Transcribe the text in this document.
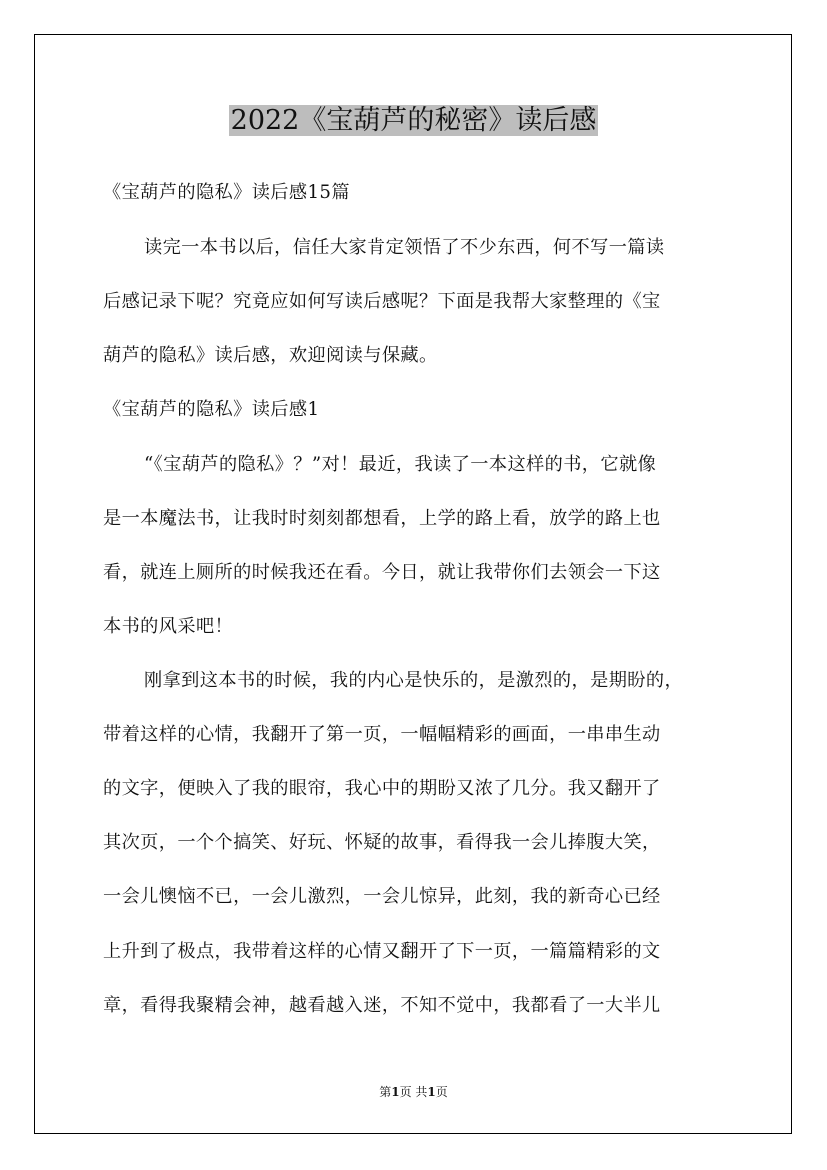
2022《宝葫芦的秘密》读后感
《宝葫芦的隐私》读后感15篇
读完一本书以后，信任大家肯定领悟了不少东西，何不写一篇读
后感记录下呢？究竟应如何写读后感呢？下面是我帮大家整理的《宝
葫芦的隐私》读后感，欢迎阅读与保藏。
《宝葫芦的隐私》读后感1
“《宝葫芦的隐私》？”对！最近，我读了一本这样的书，它就像
是一本魔法书，让我时时刻刻都想看，上学的路上看，放学的路上也
看，就连上厕所的时候我还在看。今日，就让我带你们去领会一下这
本书的风采吧！
刚拿到这本书的时候，我的内心是快乐的，是激烈的，是期盼的，
带着这样的心情，我翻开了第一页，一幅幅精彩的画面，一串串生动
的文字，便映入了我的眼帘，我心中的期盼又浓了几分。我又翻开了
其次页，一个个搞笑、好玩、怀疑的故事，看得我一会儿捧腹大笑，
一会儿懊恼不已，一会儿激烈，一会儿惊异，此刻，我的新奇心已经
上升到了极点，我带着这样的心情又翻开了下一页，一篇篇精彩的文
章，看得我聚精会神，越看越入迷，不知不觉中，我都看了一大半儿
第1页 共1页
